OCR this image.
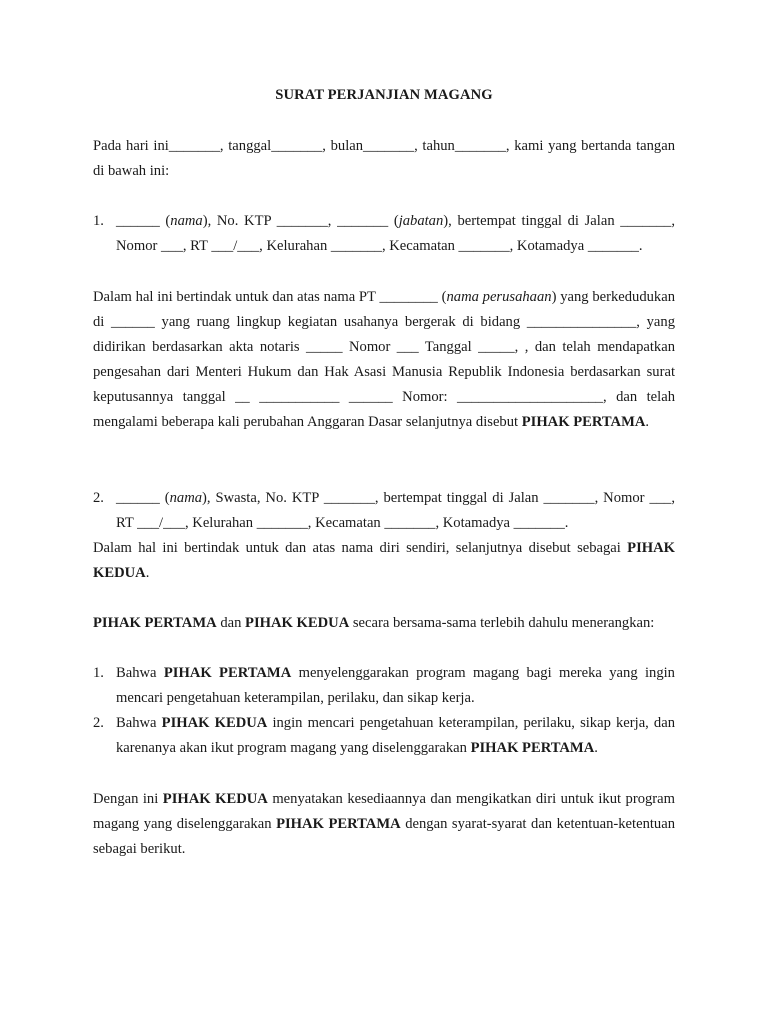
SURAT PERJANJIAN MAGANG

Pada hari ini_______, tanggal_______, bulan_______, tahun_______, kami yang bertanda tangan di bawah ini:

1. ______ (nama), No. KTP _______, _______ (jabatan), bertempat tinggal di Jalan _______, Nomor ___, RT ___/___, Kelurahan _______, Kecamatan _______, Kotamadya _______.

Dalam hal ini bertindak untuk dan atas nama PT ________ (nama perusahaan) yang berkedudukan di ______ yang ruang lingkup kegiatan usahanya bergerak di bidang _______________, yang didirikan berdasarkan akta notaris _____ Nomor ___ Tanggal _____, , dan telah mendapatkan pengesahan dari Menteri Hukum dan Hak Asasi Manusia Republik Indonesia berdasarkan surat keputusannya tanggal __ ___________ ______ Nomor: ____________________, dan telah mengalami beberapa kali perubahan Anggaran Dasar selanjutnya disebut PIHAK PERTAMA.

2. ______ (nama), Swasta, No. KTP _______, bertempat tinggal di Jalan _______, Nomor ___, RT ___/___, Kelurahan _______, Kecamatan _______, Kotamadya _______.

Dalam hal ini bertindak untuk dan atas nama diri sendiri, selanjutnya disebut sebagai PIHAK KEDUA.

PIHAK PERTAMA dan PIHAK KEDUA secara bersama-sama terlebih dahulu menerangkan:

1. Bahwa PIHAK PERTAMA menyelenggarakan program magang bagi mereka yang ingin mencari pengetahuan keterampilan, perilaku, dan sikap kerja.
2. Bahwa PIHAK KEDUA ingin mencari pengetahuan keterampilan, perilaku, sikap kerja, dan karenanya akan ikut program magang yang diselenggarakan PIHAK PERTAMA.

Dengan ini PIHAK KEDUA menyatakan kesediaannya dan mengikatkan diri untuk ikut program magang yang diselenggarakan PIHAK PERTAMA dengan syarat-syarat dan ketentuan-ketentuan sebagai berikut.
